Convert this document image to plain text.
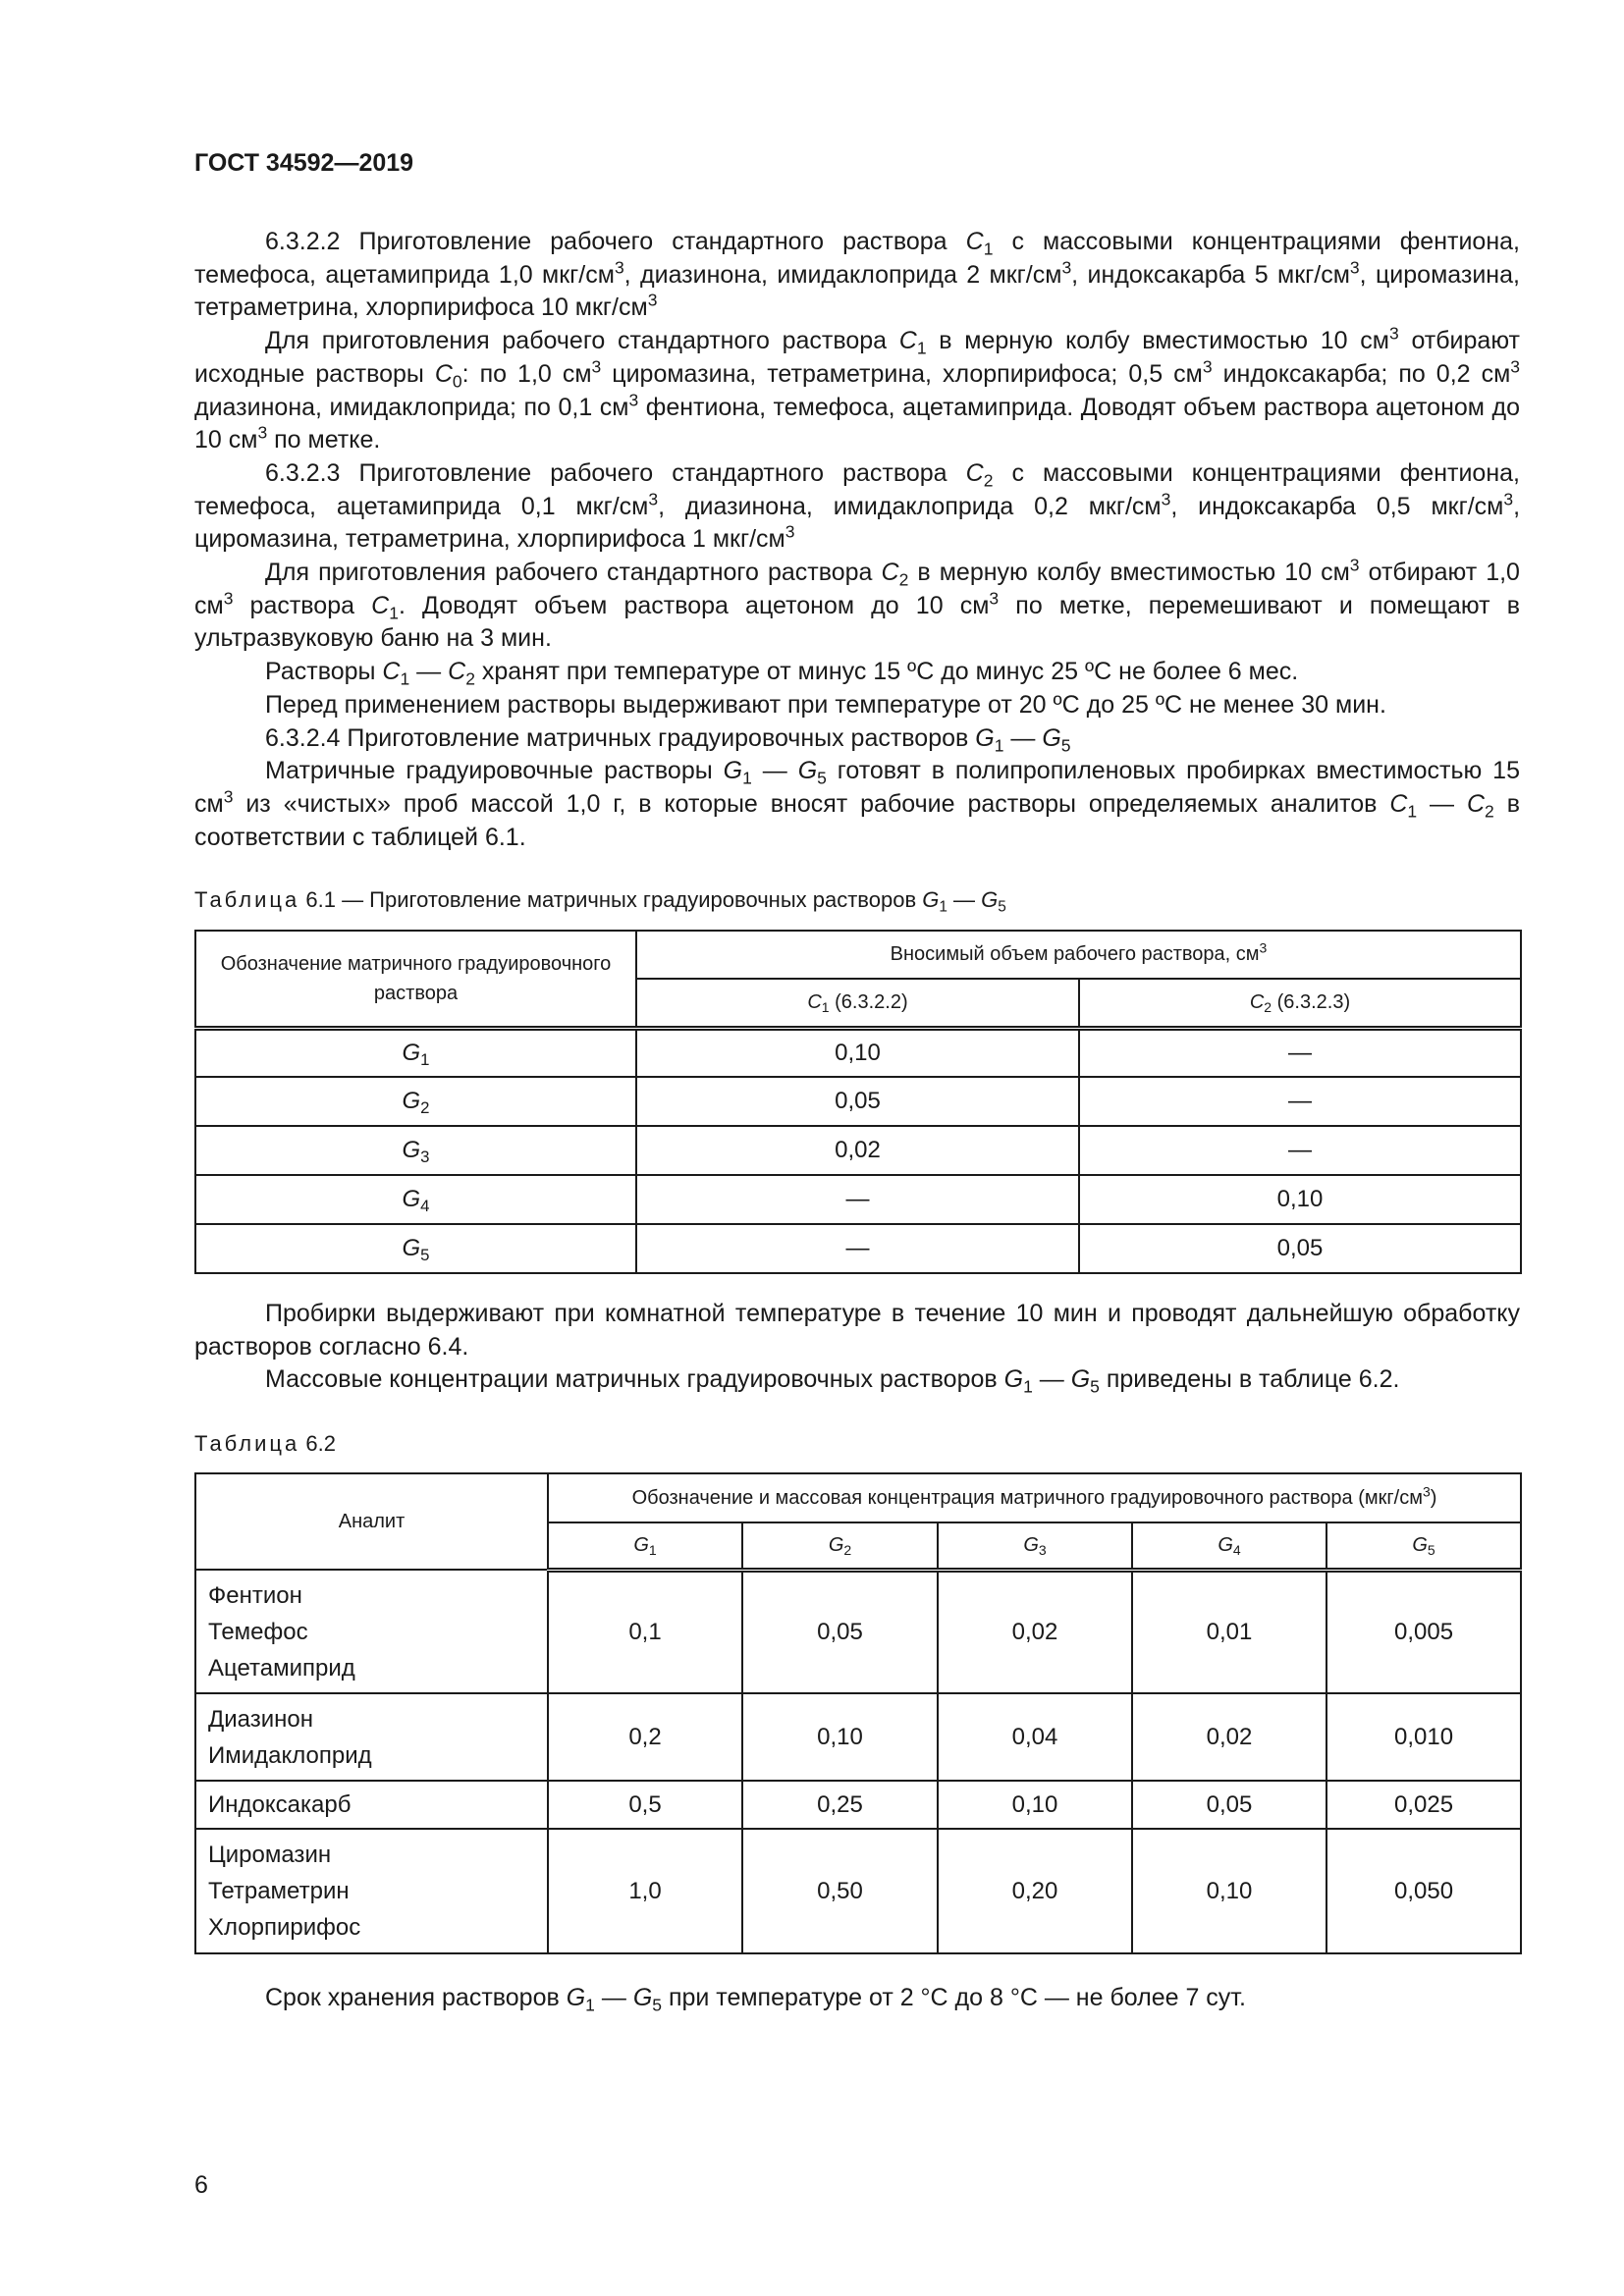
ГОСТ 34592—2019

6.3.2.2 Приготовление рабочего стандартного раствора $C_1$ с массовыми концентрациями фентиона, темефоса, ацетамиприда 1,0 мкг/$см^3$, диазинона, имидаклоприда 2 мкг/$см^3$, индоксакарба 5 мкг/$см^3$, циромазина, тетраметрина, хлорпирифоса 10 мкг/$см^3$

Для приготовления рабочего стандартного раствора $C_1$ в мерную колбу вместимостью 10 $см^3$ отбирают исходные растворы $C_0$: по 1,0 $см^3$ циромазина, тетраметрина, хлорпирифоса; 0,5 $см^3$ индоксакарба; по 0,2 $см^3$ диазинона, имидаклоприда; по 0,1 $см^3$ фентиона, темефоса, ацетамиприда. Доводят объем раствора ацетоном до 10 $см^3$ по метке.

6.3.2.3 Приготовление рабочего стандартного раствора $C_2$ с массовыми концентрациями фентиона, темефоса, ацетамиприда 0,1 мкг/$см^3$, диазинона, имидаклоприда 0,2 мкг/$см^3$, индоксакарба 0,5 мкг/$см^3$, циромазина, тетраметрина, хлорпирифоса 1 мкг/$см^3$

Для приготовления рабочего стандартного раствора $C_2$ в мерную колбу вместимостью 10 $см^3$ отбирают 1,0 $см^3$ раствора $C_1$. Доводят объем раствора ацетоном до 10 $см^3$ по метке, перемешивают и помещают в ультразвуковую баню на 3 мин.

Растворы $C_1$ — $C_2$ хранят при температуре от минус 15 ºC до минус 25 ºC не более 6 мес.

Перед применением растворы выдерживают при температуре от 20 ºC до 25 ºC не менее 30 мин.

6.3.2.4 Приготовление матричных градуировочных растворов $G_1$ — $G_5$

Матричные градуировочные растворы $G_1$ — $G_5$ готовят в полипропиленовых пробирках вместимостью 15 $см^3$ из «чистых» проб массой 1,0 г, в которые вносят рабочие растворы определяемых аналитов $C_1$ — $C_2$ в соответствии с таблицей 6.1.

Таблица 6.1 — Приготовление матричных градуировочных растворов $G_1$ — $G_5$
Обозначение матричного градуировочного раствора	Вносимый объем рабочего раствора, $см^3$
	$C_1$ (6.3.2.2)	$C_2$ (6.3.2.3)
$G_1$	0,10	—
$G_2$	0,05	—
$G_3$	0,02	—
$G_4$	—	0,10
$G_5$	—	0,05

Пробирки выдерживают при комнатной температуре в течение 10 мин и проводят дальнейшую обработку растворов согласно 6.4.

Массовые концентрации матричных градуировочных растворов $G_1$ — $G_5$ приведены в таблице 6.2.

Таблица 6.2
Аналит	Обозначение и массовая концентрация матричного градуировочного раствора $(мкг/см^3)$				
	$G_1$	$G_2$	$G_3$	$G_4$	$G_5$

Фентион
Темефос
Ацетамиприд	0,1	0,05	0,02	0,01	0,005

Диазинон
Имидаклоприд	0,2	0,10	0,04	0,02	0,010

Индоксакарб	0,5	0,25	0,10	0,05	0,025

Циромазин
Тетраметрин
Хлорпирифос	1,0	0,50	0,20	0,10	0,050

Срок хранения растворов $G_1$ — $G_5$ при температуре от 2 °C до 8 °C — не более 7 сут.

6
